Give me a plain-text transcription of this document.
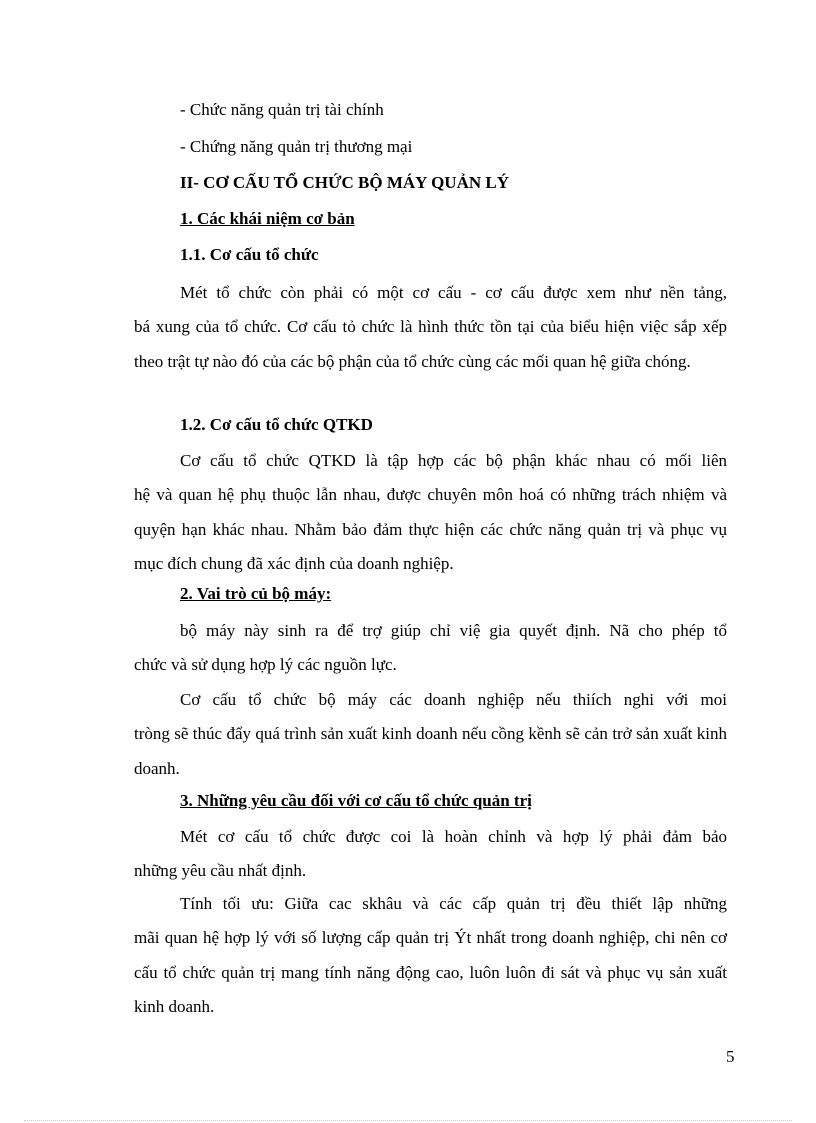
- Chức năng quản trị tài chính

- Chứng năng quản trị thương mại

II- CƠ CẤU TỔ CHỨC BỘ MÁY QUẢN LÝ

1. Các khái niệm cơ bản

1.1. Cơ cấu tổ chức

Mét tổ chức còn phải có một cơ cấu - cơ cấu được xem như nền tảng,

bá xung của tổ chức. Cơ cấu tỏ chức là hình thức tồn tại của biểu hiện việc sắp xếp theo trật tự nào đó của các bộ phận của tổ chức cùng các mối quan hệ giữa chóng.

1.2. Cơ cấu tổ chức QTKD

Cơ cấu tổ chức QTKD là tập hợp các bộ phận khác nhau có mối liên

hệ và quan hệ phụ thuộc lẫn nhau, được chuyên môn hoá có những trách nhiệm và quyện hạn khác nhau. Nhằm bảo đảm thực hiện các chức năng quản trị và phục vụ mục đích chung đã xác định của doanh nghiệp.

2. Vai trò củ bộ máy:

bộ máy này sinh ra để trợ giúp chỉ việ gia quyết định. Nã cho phép tổ

chức và sử dụng hợp lý các nguồn lực.

Cơ cấu tổ chức bộ máy các doanh nghiệp nếu thiích nghi với moi

tròng sẽ thúc đẩy quá trình sản xuất kinh doanh nếu cồng kềnh sẽ cản trở sản xuất kinh doanh.

3. Những yêu cầu đối với cơ cấu tổ chức quản trị

Mét cơ cấu tổ chức được coi là hoàn chỉnh và hợp lý phải đảm bảo

những yêu cầu nhất định.

Tính tối ưu: Giữa cac skhâu và các cấp quản trị đều thiết lập những

mãi quan hệ hợp lý với số lượng cấp quản trị Ýt nhất trong doanh nghiệp, chi nên cơ cấu tổ chức quản trị mang tính năng động cao, luôn luôn đi sát và phục vụ sản xuất kinh doanh.

5
